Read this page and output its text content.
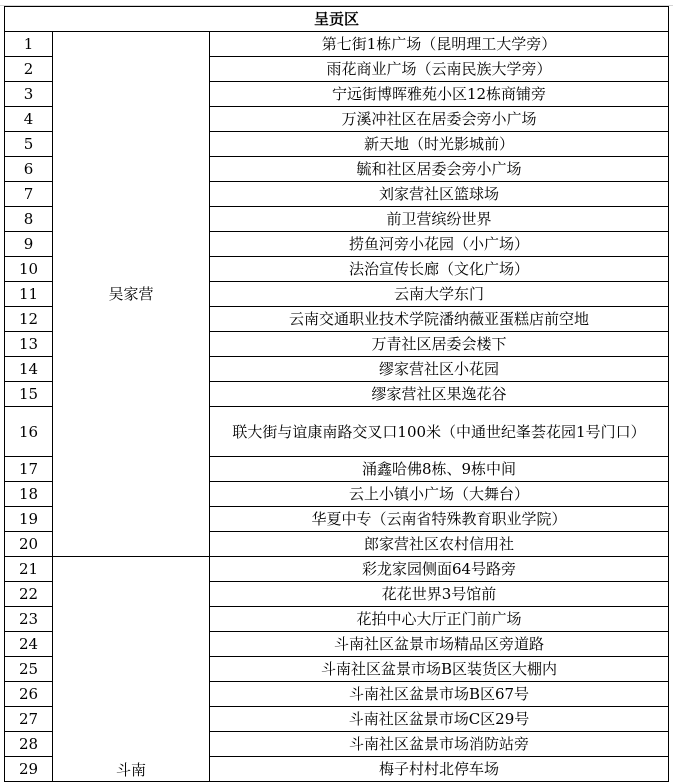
呈贡区		
1	吴家营	第七街1栋广场（昆明理工大学旁）
2		雨花商业广场（云南民族大学旁）
3		宁远街博晖雅苑小区12栋商铺旁
4		万溪冲社区在居委会旁小广场
5		新天地（时光影城前）
6		毓和社区居委会旁小广场
7		刘家营社区篮球场
8		前卫营缤纷世界
9		捞鱼河旁小花园（小广场）
10		法治宣传长廊（文化广场）
11		云南大学东门
12		云南交通职业技术学院潘纳薇亚蛋糕店前空地
13		万青社区居委会楼下
14		缪家营社区小花园
15		缪家营社区果逸花谷
16		联大街与谊康南路交叉口100米（中通世纪峯荟花园1号门口）
17		涌鑫哈佛8栋、9栋中间
18		云上小镇小广场（大舞台）
19		华夏中专（云南省特殊教育职业学院）
20		郎家营社区农村信用社
21	斗南	彩龙家园侧面64号路旁
22		花花世界3号馆前
23		花拍中心大厅正门前广场
24		斗南社区盆景市场精品区旁道路
25		斗南社区盆景市场B区装货区大棚内
26		斗南社区盆景市场B区67号
27		斗南社区盆景市场C区29号
28		斗南社区盆景市场消防站旁
29		梅子村村北停车场
